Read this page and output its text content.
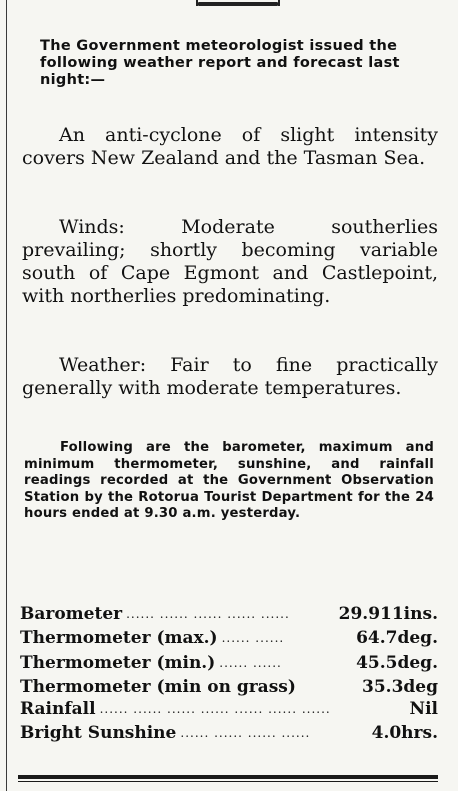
The Government meteorologist issued the following weather report and forecast last night:—
An anti-cyclone of slight intensity covers New Zealand and the Tasman Sea.
Winds: Moderate southerlies prevailing; shortly becoming variable south of Cape Egmont and Castlepoint, with northerlies predominating.
Weather: Fair to fine practically generally with moderate temperatures.
Following are the barometer, maximum and minimum thermometer, sunshine, and rainfall readings recorded at the Government Observation Station by the Rotorua Tourist Department for the 24 hours ended at 9.30 a.m. yesterday.
Barometer ...... ...... ...... ...... ......	29.911ins.
Thermometer (max.) ...... ......	64.7deg.
Thermometer (min.) ...... ......	45.5deg.
Thermometer (min on grass)	35.3deg
Rainfall ...... ...... ...... ...... ...... ...... ......	Nil
Bright Sunshine ...... ...... ...... ......	4.0hrs.
